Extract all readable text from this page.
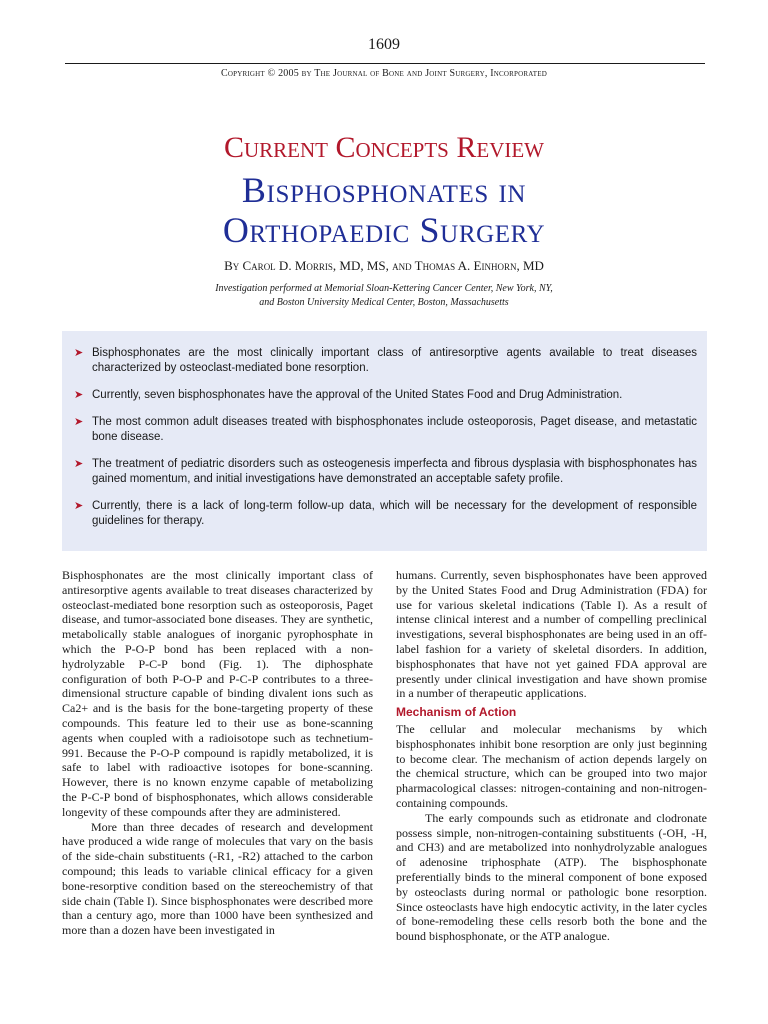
1609
Copyright © 2005 by The Journal of Bone and Joint Surgery, Incorporated
Current Concepts Review
Bisphosphonates in
Orthopaedic Surgery
By Carol D. Morris, MD, MS, and Thomas A. Einhorn, MD
Investigation performed at Memorial Sloan-Kettering Cancer Center, New York, NY,
and Boston University Medical Center, Boston, Massachusetts
➤ Bisphosphonates are the most clinically important class of antiresorptive agents available to treat diseases characterized by osteoclast-mediated bone resorption.
➤ Currently, seven bisphosphonates have the approval of the United States Food and Drug Administration.
➤ The most common adult diseases treated with bisphosphonates include osteoporosis, Paget disease, and metastatic bone disease.
➤ The treatment of pediatric disorders such as osteogenesis imperfecta and fibrous dysplasia with bisphosphonates has gained momentum, and initial investigations have demonstrated an acceptable safety profile.
➤ Currently, there is a lack of long-term follow-up data, which will be necessary for the development of responsible guidelines for therapy.

Bisphosphonates are the most clinically important class of antiresorptive agents available to treat diseases characterized by osteoclast-mediated bone resorption such as osteoporosis, Paget disease, and tumor-associated bone diseases. They are synthetic, metabolically stable analogues of inorganic pyrophosphate in which the P-O-P bond has been replaced with a non-hydrolyzable P-C-P bond (Fig. 1). The diphosphate configuration of both P-O-P and P-C-P contributes to a three-dimensional structure capable of binding divalent ions such as Ca2+ and is the basis for the bone-targeting property of these compounds. This feature led to their use as bone-scanning agents when coupled with a radioisotope such as technetium-991. Because the P-O-P compound is rapidly metabolized, it is safe to label with radioactive isotopes for bone-scanning. However, there is no known enzyme capable of metabolizing the P-C-P bond of bisphosphonates, which allows considerable longevity of these compounds after they are administered.

More than three decades of research and development have produced a wide range of molecules that vary on the basis of the side-chain substituents (-R1, -R2) attached to the carbon compound; this leads to variable clinical efficacy for a given bone-resorptive condition based on the stereochemistry of that side chain (Table I). Since bisphosphonates were described more than a century ago, more than 1000 have been synthesized and more than a dozen have been investigated in

humans. Currently, seven bisphosphonates have been approved by the United States Food and Drug Administration (FDA) for use for various skeletal indications (Table I). As a result of intense clinical interest and a number of compelling preclinical investigations, several bisphosphonates are being used in an off-label fashion for a variety of skeletal disorders. In addition, bisphosphonates that have not yet gained FDA approval are presently under clinical investigation and have shown promise in a number of therapeutic applications.

Mechanism of Action

The cellular and molecular mechanisms by which bisphosphonates inhibit bone resorption are only just beginning to become clear. The mechanism of action depends largely on the chemical structure, which can be grouped into two major pharmacological classes: nitrogen-containing and non-nitrogen-containing compounds.

The early compounds such as etidronate and clodronate possess simple, non-nitrogen-containing substituents (-OH, -H, and CH3) and are metabolized into nonhydrolyzable analogues of adenosine triphosphate (ATP). The bisphosphonate preferentially binds to the mineral component of bone exposed by osteoclasts during normal or pathologic bone resorption. Since osteoclasts have high endocytic activity, in the later cycles of bone-remodeling these cells resorb both the bone and the bound bisphosphonate, or the ATP analogue.
